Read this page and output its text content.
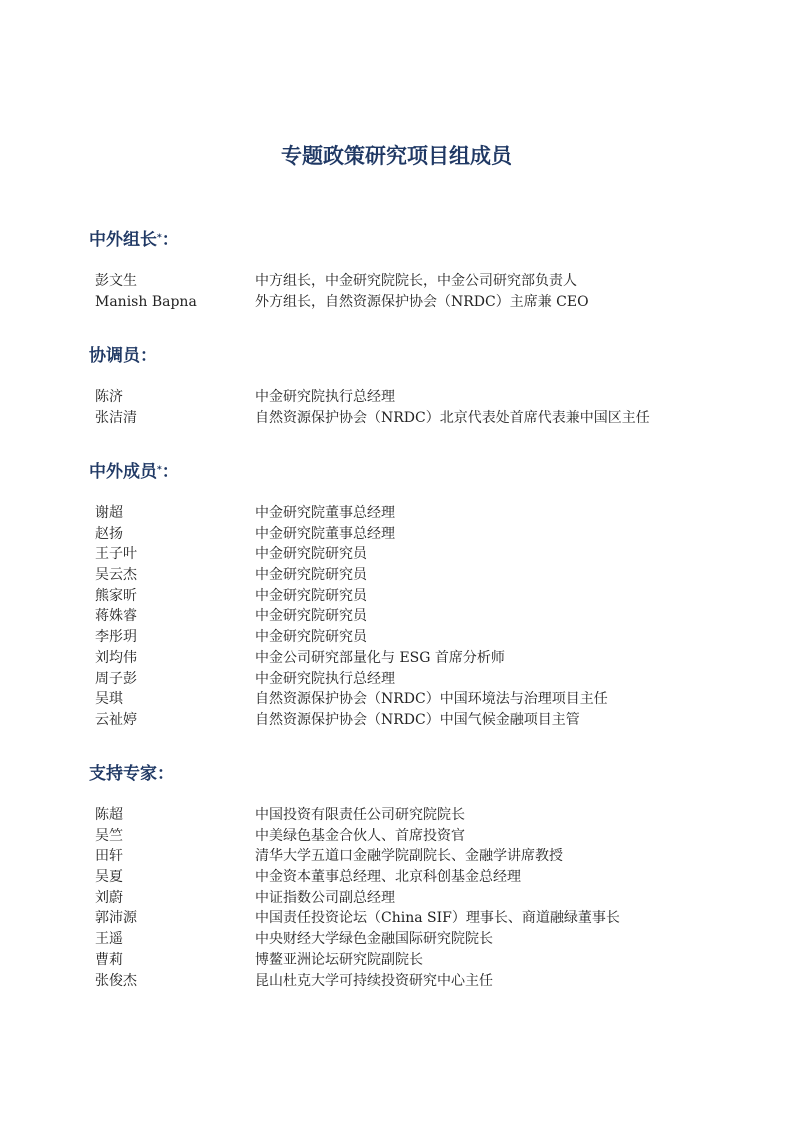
专题政策研究项目组成员
中外组长*：
彭文生	中方组长，中金研究院院长，中金公司研究部负责人
Manish Bapna	外方组长，自然资源保护协会（NRDC）主席兼 CEO
协调员：
陈济	中金研究院执行总经理
张洁清	自然资源保护协会（NRDC）北京代表处首席代表兼中国区主任
中外成员*：
谢超	中金研究院董事总经理
赵扬	中金研究院董事总经理
王子叶	中金研究院研究员
吴云杰	中金研究院研究员
熊家昕	中金研究院研究员
蒋姝睿	中金研究院研究员
李彤玥	中金研究院研究员
刘均伟	中金公司研究部量化与 ESG 首席分析师
周子彭	中金研究院执行总经理
吴琪	自然资源保护协会（NRDC）中国环境法与治理项目主任
云祉婷	自然资源保护协会（NRDC）中国气候金融项目主管
支持专家：
陈超	中国投资有限责任公司研究院院长
吴竺	中美绿色基金合伙人、首席投资官
田轩	清华大学五道口金融学院副院长、金融学讲席教授
吴夏	中金资本董事总经理、北京科创基金总经理
刘蔚	中证指数公司副总经理
郭沛源	中国责任投资论坛（China SIF）理事长、商道融绿董事长
王遥	中央财经大学绿色金融国际研究院院长
曹莉	博鳌亚洲论坛研究院副院长
张俊杰	昆山杜克大学可持续投资研究中心主任
